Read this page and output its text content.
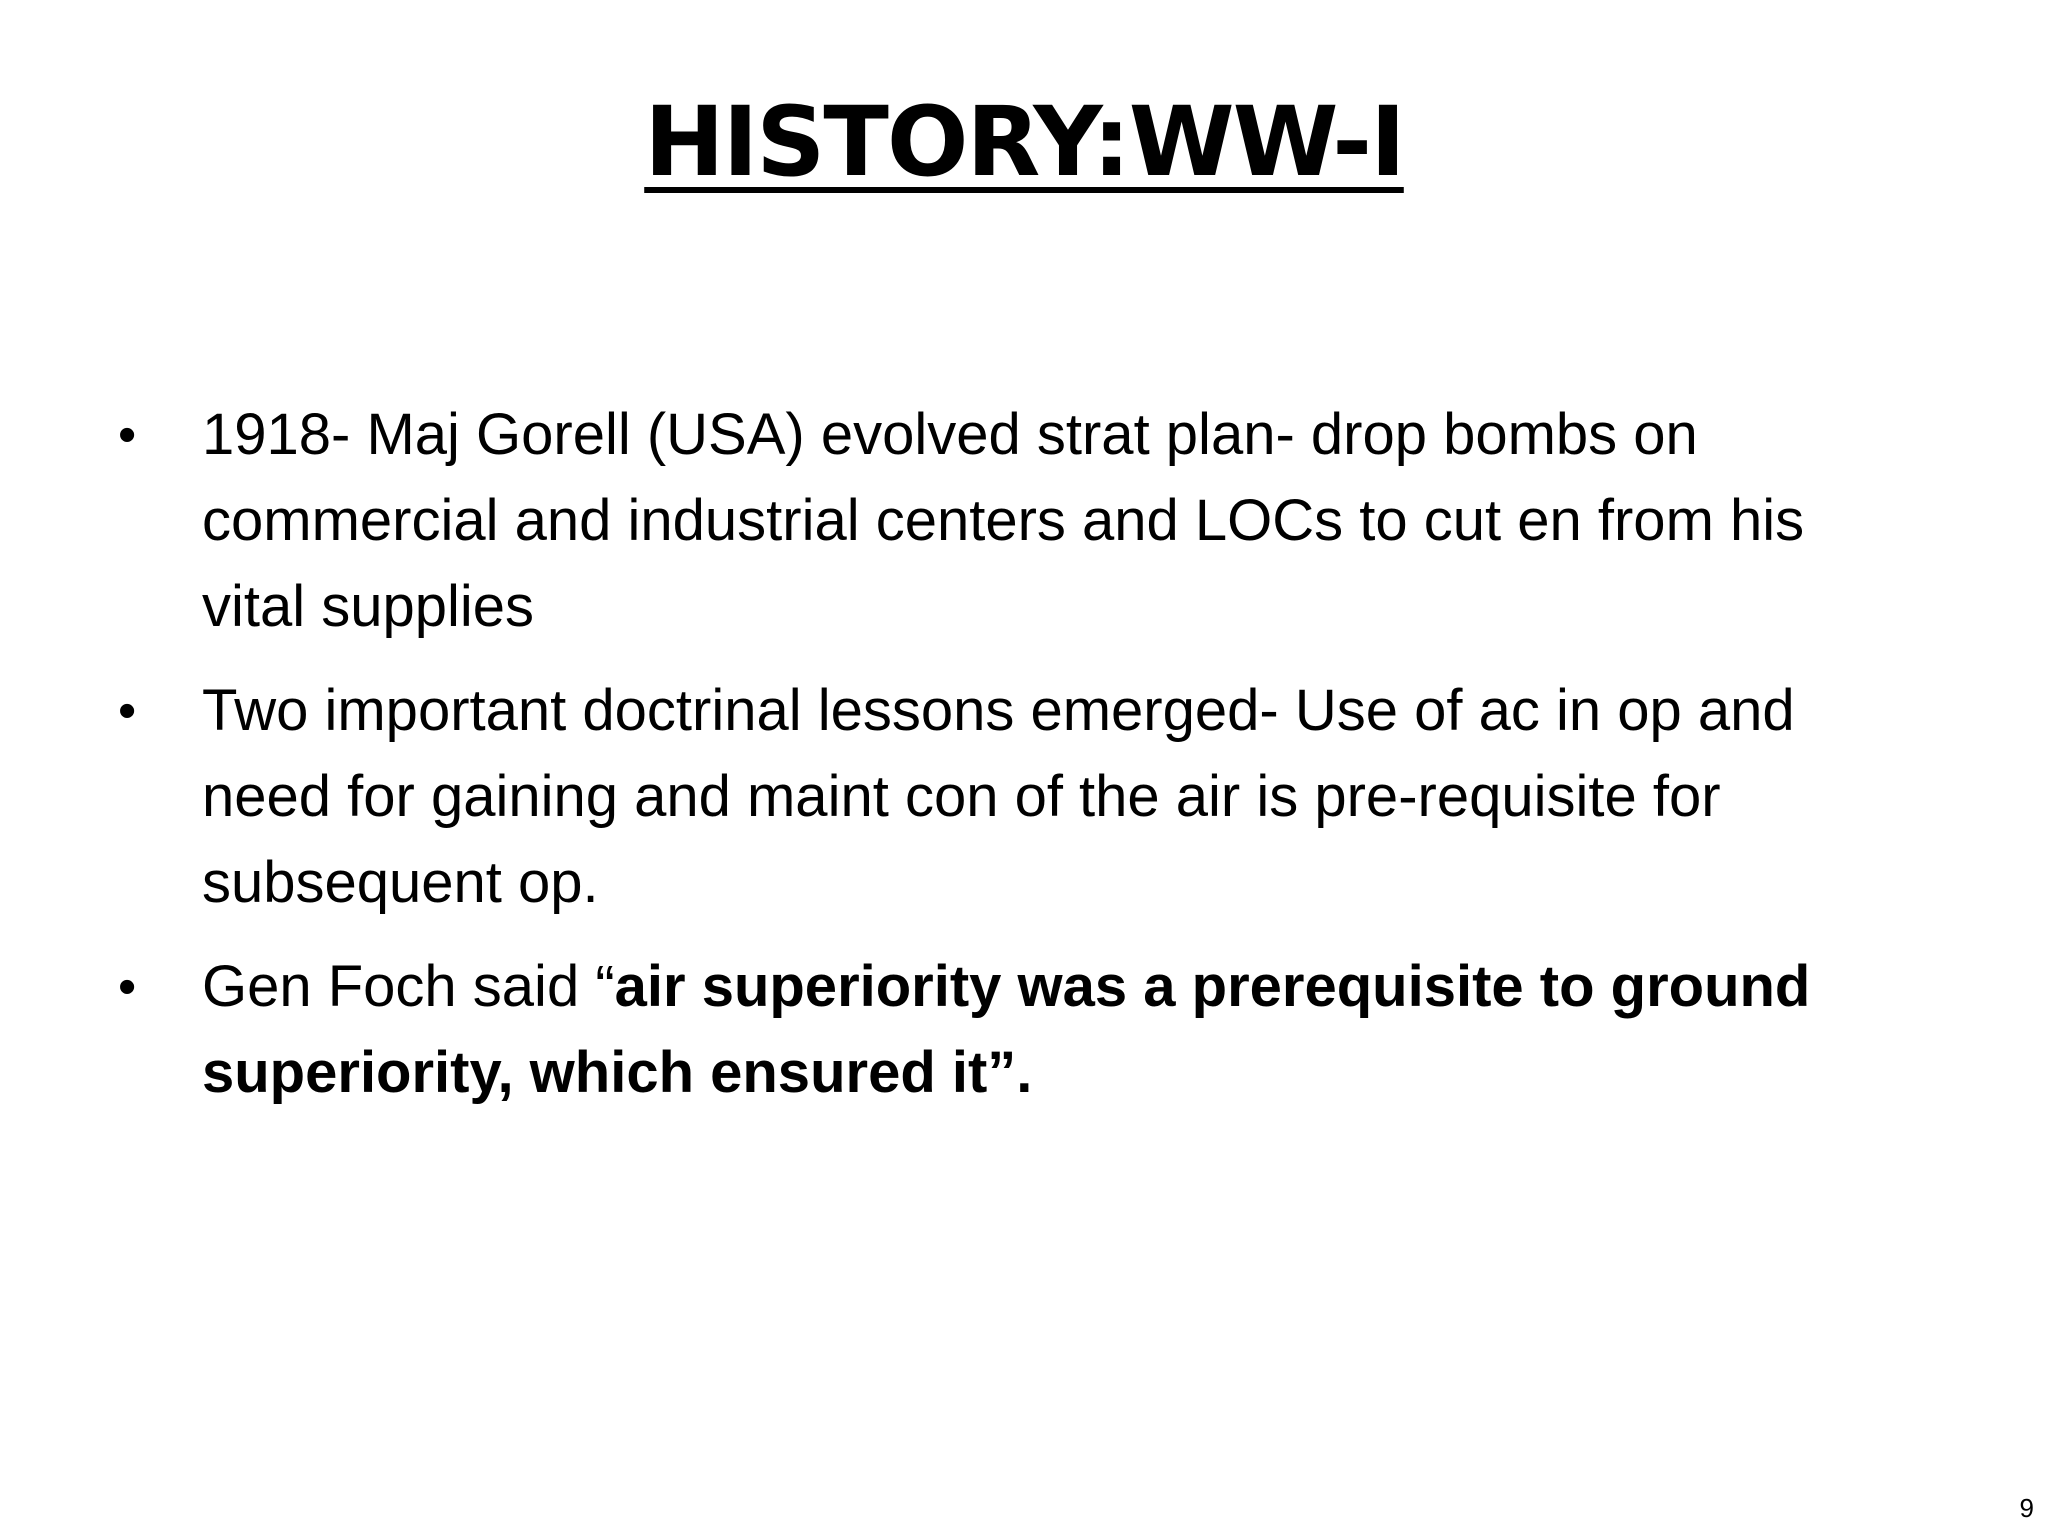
HISTORY:WW-I
• 1918- Maj Gorell (USA) evolved strat plan- drop bombs on commercial and industrial centers and LOCs to cut en from his vital supplies
• Two important doctrinal lessons emerged- Use of ac in op and need for gaining and maint con of the air is pre-requisite for subsequent op.
• Gen Foch said “air superiority was a prerequisite to ground superiority, which ensured it”.
9
